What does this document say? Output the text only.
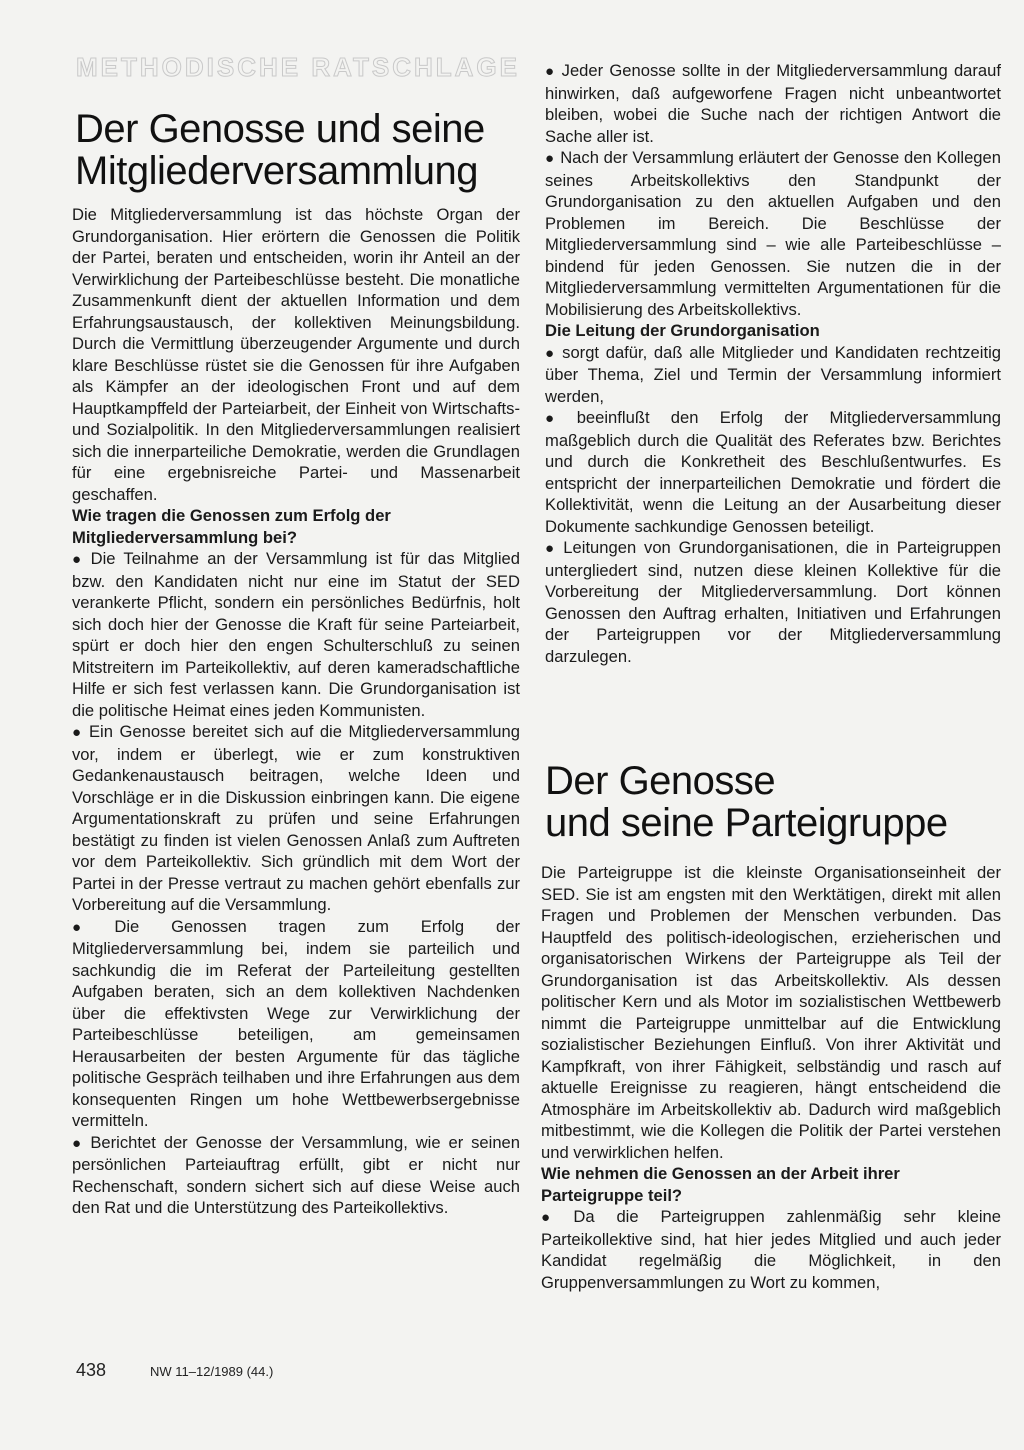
METHODISCHE RATSCHLAGE
Der Genosse und seine
Mitgliederversammlung

Die Mitgliederversammlung ist das höchste Organ der Grundorganisation. Hier erörtern die Genossen die Politik der Partei, beraten und entscheiden, worin ihr Anteil an der Verwirklichung der Parteibeschlüsse besteht. Die monatliche Zusammenkunft dient der aktuellen Information und dem Erfahrungsaustausch, der kollektiven Meinungsbildung. Durch die Vermittlung überzeugender Argumente und durch klare Beschlüsse rüstet sie die Genossen für ihre Aufgaben als Kämpfer an der ideologischen Front und auf dem Hauptkampffeld der Parteiarbeit, der Einheit von Wirtschafts- und Sozialpolitik. In den Mitgliederversammlungen realisiert sich die innerparteiliche Demokratie, werden die Grundlagen für eine ergebnisreiche Partei- und Massenarbeit geschaffen.

Wie tragen die Genossen zum Erfolg der Mitgliederversammlung bei?

● Die Teilnahme an der Versammlung ist für das Mitglied bzw. den Kandidaten nicht nur eine im Statut der SED verankerte Pflicht, sondern ein persönliches Bedürfnis, holt sich doch hier der Genosse die Kraft für seine Parteiarbeit, spürt er doch hier den engen Schulterschluß zu seinen Mitstreitern im Parteikollektiv, auf deren kameradschaftliche Hilfe er sich fest verlassen kann. Die Grundorganisation ist die politische Heimat eines jeden Kommunisten.

● Ein Genosse bereitet sich auf die Mitgliederversammlung vor, indem er überlegt, wie er zum konstruktiven Gedankenaustausch beitragen, welche Ideen und Vorschläge er in die Diskussion einbringen kann. Die eigene Argumentationskraft zu prüfen und seine Erfahrungen bestätigt zu finden ist vielen Genossen Anlaß zum Auftreten vor dem Parteikollektiv. Sich gründlich mit dem Wort der Partei in der Presse vertraut zu machen gehört ebenfalls zur Vorbereitung auf die Versammlung.

● Die Genossen tragen zum Erfolg der Mitgliederversammlung bei, indem sie parteilich und sachkundig die im Referat der Parteileitung gestellten Aufgaben beraten, sich an dem kollektiven Nachdenken über die effektivsten Wege zur Verwirklichung der Parteibeschlüsse beteiligen, am gemeinsamen Herausarbeiten der besten Argumente für das tägliche politische Gespräch teilhaben und ihre Erfahrungen aus dem konsequenten Ringen um hohe Wettbewerbsergebnisse vermitteln.

● Berichtet der Genosse der Versammlung, wie er seinen persönlichen Parteiauftrag erfüllt, gibt er nicht nur Rechenschaft, sondern sichert sich auf diese Weise auch den Rat und die Unterstützung des Parteikollektivs.

● Jeder Genosse sollte in der Mitgliederversammlung darauf hinwirken, daß aufgeworfene Fragen nicht unbeantwortet bleiben, wobei die Suche nach der richtigen Antwort die Sache aller ist.

● Nach der Versammlung erläutert der Genosse den Kollegen seines Arbeitskollektivs den Standpunkt der Grundorganisation zu den aktuellen Aufgaben und den Problemen im Bereich. Die Beschlüsse der Mitgliederversammlung sind – wie alle Parteibeschlüsse – bindend für jeden Genossen. Sie nutzen die in der Mitgliederversammlung vermittelten Argumentationen für die Mobilisierung des Arbeitskollektivs.

Die Leitung der Grundorganisation

● sorgt dafür, daß alle Mitglieder und Kandidaten rechtzeitig über Thema, Ziel und Termin der Versammlung informiert werden,

● beeinflußt den Erfolg der Mitgliederversammlung maßgeblich durch die Qualität des Referates bzw. Berichtes und durch die Konkretheit des Beschlußentwurfes. Es entspricht der innerparteilichen Demokratie und fördert die Kollektivität, wenn die Leitung an der Ausarbeitung dieser Dokumente sachkundige Genossen beteiligt.

● Leitungen von Grundorganisationen, die in Parteigruppen untergliedert sind, nutzen diese kleinen Kollektive für die Vorbereitung der Mitgliederversammlung. Dort können Genossen den Auftrag erhalten, Initiativen und Erfahrungen der Parteigruppen vor der Mitgliederversammlung darzulegen.

Der Genosse
und seine Parteigruppe

Die Parteigruppe ist die kleinste Organisationseinheit der SED. Sie ist am engsten mit den Werktätigen, direkt mit allen Fragen und Problemen der Menschen verbunden. Das Hauptfeld des politisch-ideologischen, erzieherischen und organisatorischen Wirkens der Parteigruppe als Teil der Grundorganisation ist das Arbeitskollektiv. Als dessen politischer Kern und als Motor im sozialistischen Wettbewerb nimmt die Parteigruppe unmittelbar auf die Entwicklung sozialistischer Beziehungen Einfluß. Von ihrer Aktivität und Kampfkraft, von ihrer Fähigkeit, selbständig und rasch auf aktuelle Ereignisse zu reagieren, hängt entscheidend die Atmosphäre im Arbeitskollektiv ab. Dadurch wird maßgeblich mitbestimmt, wie die Kollegen die Politik der Partei verstehen und verwirklichen helfen.

Wie nehmen die Genossen an der Arbeit ihrer Parteigruppe teil?

● Da die Parteigruppen zahlenmäßig sehr kleine Parteikollektive sind, hat hier jedes Mitglied und auch jeder Kandidat regelmäßig die Möglichkeit, in den Gruppenversammlungen zu Wort zu kommen,

438	NW 11–12/1989 (44.)
